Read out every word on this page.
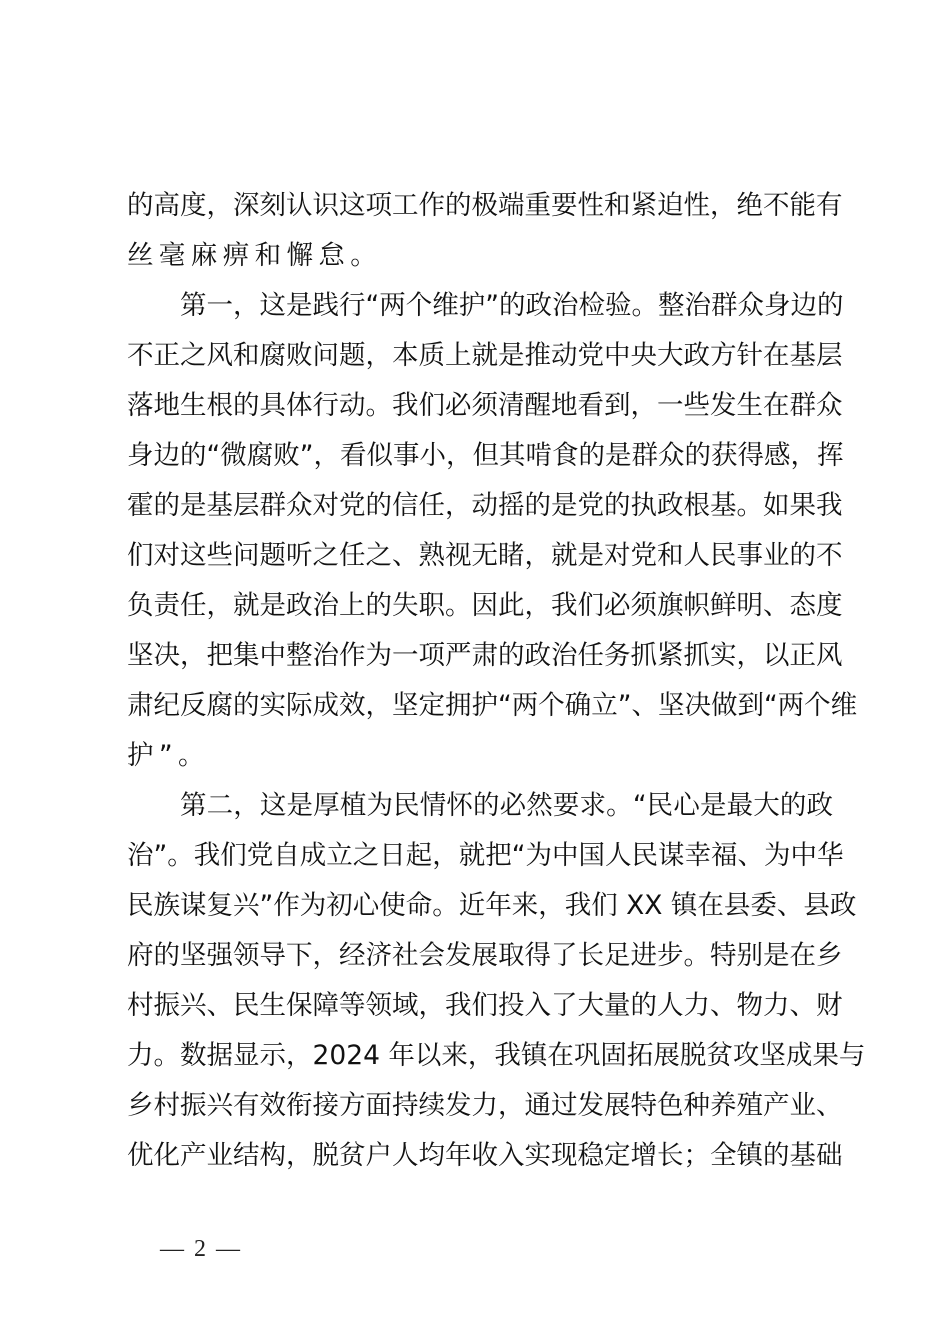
的高度，深刻认识这项工作的极端重要性和紧迫性，绝不能有
丝毫麻痹和懈怠。
第一，这是践行“两个维护”的政治检验。整治群众身边的
不正之风和腐败问题，本质上就是推动党中央大政方针在基层
落地生根的具体行动。我们必须清醒地看到，一些发生在群众
身边的“微腐败”，看似事小，但其啃食的是群众的获得感，挥
霍的是基层群众对党的信任，动摇的是党的执政根基。如果我
们对这些问题听之任之、熟视无睹，就是对党和人民事业的不
负责任，就是政治上的失职。因此，我们必须旗帜鲜明、态度
坚决，把集中整治作为一项严肃的政治任务抓紧抓实，以正风
肃纪反腐的实际成效，坚定拥护“两个确立”、坚决做到“两个维
护”。
第二，这是厚植为民情怀的必然要求。“民心是最大的政
治”。我们党自成立之日起，就把“为中国人民谋幸福、为中华
民族谋复兴”作为初心使命。近年来，我们 XX 镇在县委、县政
府的坚强领导下，经济社会发展取得了长足进步。特别是在乡
村振兴、民生保障等领域，我们投入了大量的人力、物力、财
力。数据显示，2024 年以来，我镇在巩固拓展脱贫攻坚成果与
乡村振兴有效衔接方面持续发力，通过发展特色种养殖产业、
优化产业结构，脱贫户人均年收入实现稳定增长；全镇的基础
— 2 —
